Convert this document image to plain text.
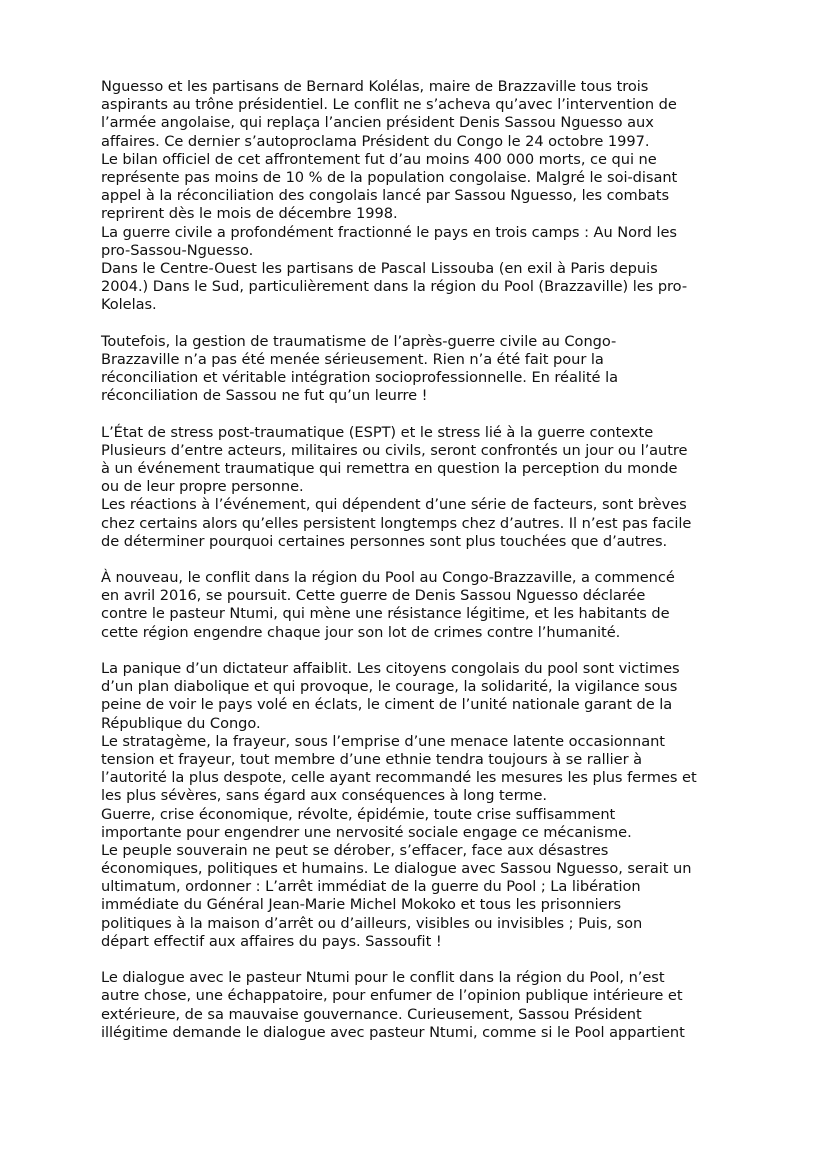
Nguesso et les partisans de Bernard Kolélas, maire de Brazzaville tous trois
aspirants au trône présidentiel. Le conflit ne s’acheva qu’avec l’intervention de
l’armée angolaise, qui replaça l’ancien président Denis Sassou Nguesso aux
affaires. Ce dernier s’autoproclama Président du Congo le 24 octobre 1997.
Le bilan officiel de cet affrontement fut d’au moins 400 000 morts, ce qui ne
représente pas moins de 10 % de la population congolaise. Malgré le soi-disant
appel à la réconciliation des congolais lancé par Sassou Nguesso, les combats
reprirent dès le mois de décembre 1998.
La guerre civile a profondément fractionné le pays en trois camps : Au Nord les
pro-Sassou-Nguesso.
Dans le Centre-Ouest les partisans de Pascal Lissouba (en exil à Paris depuis
2004.) Dans le Sud, particulièrement dans la région du Pool (Brazzaville) les pro-
Kolelas.
Toutefois, la gestion de traumatisme de l’après-guerre civile au Congo-
Brazzaville n’a pas été menée sérieusement. Rien n’a été fait pour la
réconciliation et véritable intégration socioprofessionnelle. En réalité la
réconciliation de Sassou ne fut qu’un leurre !
L’État de stress post-traumatique (ESPT) et le stress lié à la guerre contexte
Plusieurs d’entre acteurs, militaires ou civils, seront confrontés un jour ou l’autre
à un événement traumatique qui remettra en question la perception du monde
ou de leur propre personne.
Les réactions à l’événement, qui dépendent d’une série de facteurs, sont brèves
chez certains alors qu’elles persistent longtemps chez d’autres. Il n’est pas facile
de déterminer pourquoi certaines personnes sont plus touchées que d’autres.
À nouveau, le conflit dans la région du Pool au Congo-Brazzaville, a commencé
en avril 2016, se poursuit. Cette guerre de Denis Sassou Nguesso déclarée
contre le pasteur Ntumi, qui mène une résistance légitime, et les habitants de
cette région engendre chaque jour son lot de crimes contre l’humanité.
La panique d’un dictateur affaiblit. Les citoyens congolais du pool sont victimes
d’un plan diabolique et qui provoque, le courage, la solidarité, la vigilance sous
peine de voir le pays volé en éclats, le ciment de l’unité nationale garant de la
République du Congo.
Le stratagème, la frayeur, sous l’emprise d’une menace latente occasionnant
tension et frayeur, tout membre d’une ethnie tendra toujours à se rallier à
l’autorité la plus despote, celle ayant recommandé les mesures les plus fermes et
les plus sévères, sans égard aux conséquences à long terme.
Guerre, crise économique, révolte, épidémie, toute crise suffisamment
importante pour engendrer une nervosité sociale engage ce mécanisme.
Le peuple souverain ne peut se dérober, s’effacer, face aux désastres
économiques, politiques et humains. Le dialogue avec Sassou Nguesso, serait un
ultimatum, ordonner : L’arrêt immédiat de la guerre du Pool ; La libération
immédiate du Général Jean-Marie Michel Mokoko et tous les prisonniers
politiques à la maison d’arrêt ou d’ailleurs, visibles ou invisibles ; Puis, son
départ effectif aux affaires du pays. Sassoufit !
Le dialogue avec le pasteur Ntumi pour le conflit dans la région du Pool, n’est
autre chose, une échappatoire, pour enfumer de l’opinion publique intérieure et
extérieure, de sa mauvaise gouvernance. Curieusement, Sassou Président
illégitime demande le dialogue avec pasteur Ntumi, comme si le Pool appartient
